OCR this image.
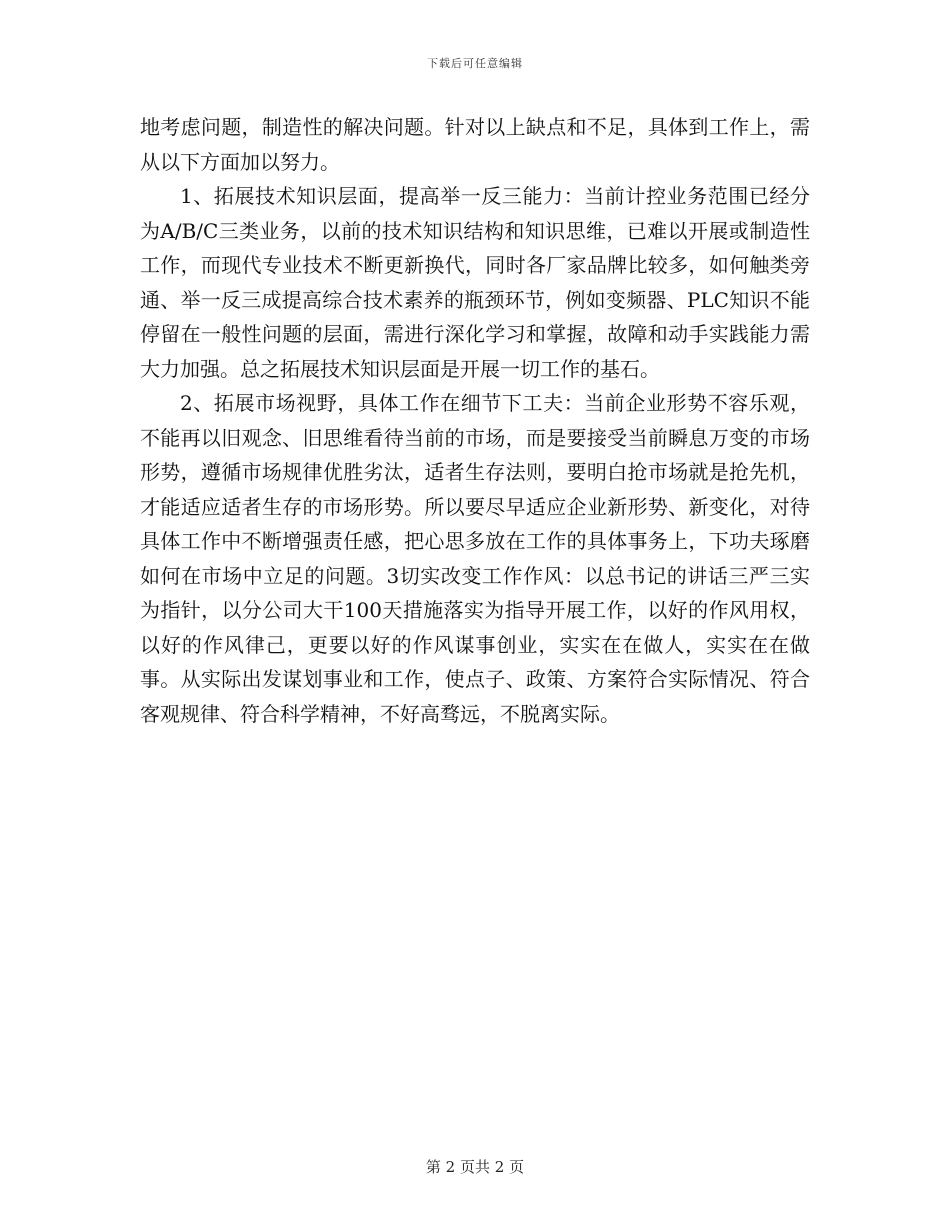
下载后可任意编辑

地考虑问题，制造性的解决问题。针对以上缺点和不足，具体到工作上，需从以下方面加以努力。

1、拓展技术知识层面，提高举一反三能力：当前计控业务范围已经分为A/B/C三类业务，以前的技术知识结构和知识思维，已难以开展或制造性工作，而现代专业技术不断更新换代，同时各厂家品牌比较多，如何触类旁通、举一反三成提高综合技术素养的瓶颈环节，例如变频器、PLC知识不能停留在一般性问题的层面，需进行深化学习和掌握，故障和动手实践能力需大力加强。总之拓展技术知识层面是开展一切工作的基石。

2、拓展市场视野，具体工作在细节下工夫：当前企业形势不容乐观，不能再以旧观念、旧思维看待当前的市场，而是要接受当前瞬息万变的市场形势，遵循市场规律优胜劣汰，适者生存法则，要明白抢市场就是抢先机，才能适应适者生存的市场形势。所以要尽早适应企业新形势、新变化，对待具体工作中不断增强责任感，把心思多放在工作的具体事务上，下功夫琢磨如何在市场中立足的问题。3切实改变工作作风：以总书记的讲话三严三实为指针，以分公司大干100天措施落实为指导开展工作，以好的作风用权，以好的作风律己，更要以好的作风谋事创业，实实在在做人，实实在在做事。从实际出发谋划事业和工作，使点子、政策、方案符合实际情况、符合客观规律、符合科学精神，不好高骛远，不脱离实际。

第 2 页共 2 页
